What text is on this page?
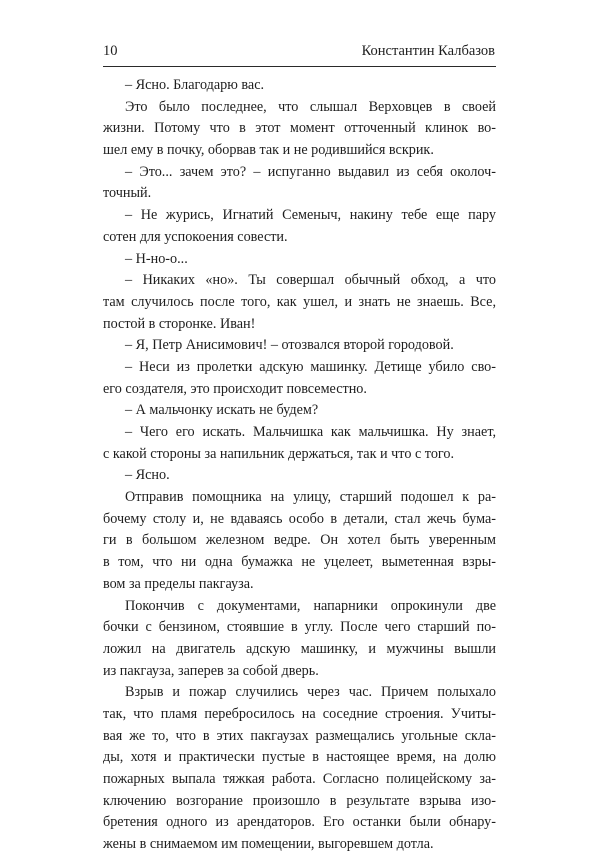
10	Константин Калбазов
– Ясно. Благодарю вас.
Это было последнее, что слышал Верховцев в своей
жизни. Потому что в этот момент отточенный клинок во-
шел ему в почку, оборвав так и не родившийся вскрик.
– Это... зачем это? – испуганно выдавил из себя околоч-
точный.
– Не журись, Игнатий Семеныч, накину тебе еще пару
сотен для успокоения совести.
– Н-но-о...
– Никаких «но». Ты совершал обычный обход, а что
там случилось после того, как ушел, и знать не знаешь. Все,
постой в сторонке. Иван!
– Я, Петр Анисимович! – отозвался второй городовой.
– Неси из пролетки адскую машинку. Детище убило сво-
его создателя, это происходит повсеместно.
– А мальчонку искать не будем?
– Чего его искать. Мальчишка как мальчишка. Ну знает,
с какой стороны за напильник держаться, так и что с того.
– Ясно.
Отправив помощника на улицу, старший подошел к ра-
бочему столу и, не вдаваясь особо в детали, стал жечь бума-
ги в большом железном ведре. Он хотел быть уверенным
в том, что ни одна бумажка не уцелеет, выметенная взры-
вом за пределы пакгауза.
Покончив с документами, напарники опрокинули две
бочки с бензином, стоявшие в углу. После чего старший по-
ложил на двигатель адскую машинку, и мужчины вышли
из пакгауза, заперев за собой дверь.
Взрыв и пожар случились через час. Причем полыхало
так, что пламя перебросилось на соседние строения. Учиты-
вая же то, что в этих пакгаузах размещались угольные скла-
ды, хотя и практически пустые в настоящее время, на долю
пожарных выпала тяжкая работа. Согласно полицейскому за-
ключению возгорание произошло в результате взрыва изо-
бретения одного из арендаторов. Его останки были обнару-
жены в снимаемом им помещении, выгоревшем дотла.
